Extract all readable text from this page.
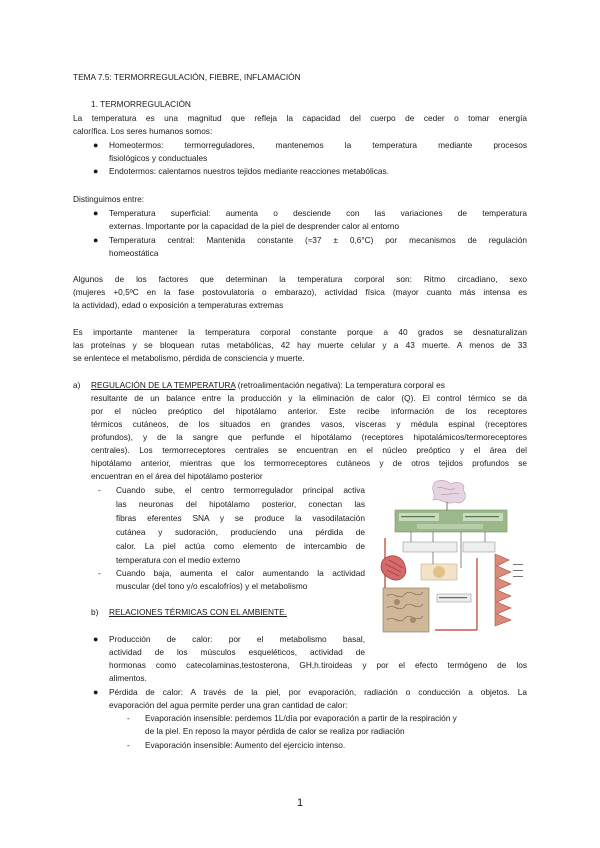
TEMA 7.5: TERMORREGULACIÓN, FIEBRE, INFLAMACIÓN
1. TERMORREGULACIÓN
La temperatura es una magnitud que refleja la capacidad del cuerpo de ceder o tomar energía
calorífica. Los seres humanos somos:
● Homeotermos: termorreguladores, mantenemos la temperatura mediante procesos
fisiológicos y conductuales
● Endotermos: calentamos nuestros tejidos mediante reacciones metabólicas.
Distinguimos entre:
● Temperatura superficial: aumenta o desciende con las variaciones de temperatura
externas. Importante por la capacidad de la piel de desprender calor al entorno
● Temperatura central: Mantenida constante (≈37 ± 0,6°C) por mecanismos de regulación
homeostática
Algunos de los factores que determinan la temperatura corporal son: Ritmo circadiano, sexo
(mujeres +0,5ºC en la fase postovulatoria o embarazo), actividad física (mayor cuanto más intensa es
la actividad), edad o exposición a temperaturas extremas
Es importante mantener la temperatura corporal constante porque a 40 grados se desnaturalizan
las proteínas y se bloquean rutas metabólicas, 42 hay muerte celular y a 43 muerte. A menos de 33
se enlentece el metabolismo, pérdida de consciencia y muerte.
a) REGULACIÓN DE LA TEMPERATURA (retroalimentación negativa): La temperatura corporal es
resultante de un balance entre la producción y la eliminación de calor (Q). El control térmico se da
por el núcleo preóptico del hipotálamo anterior. Este recibe información de los receptores
térmicos cutáneos, de los situados en grandes vasos, vísceras y médula espinal (receptores
profundos), y de la sangre que perfunde el hipotálamo (receptores hipotalámicos/termoreceptores
centrales). Los termorreceptores centrales se encuentran en el núcleo preóptico y el área del
hipotálamo anterior, mientras que los termorreceptores cutáneos y de otros tejidos profundos se
encuentran en el área del hipotálamo posterior
- Cuando sube, el centro termorregulador principal activa
las neuronas del hipotálamo posterior, conectan las
fibras eferentes SNA y se produce la vasodilatación
cutánea y sudoración, produciendo una pérdida de
calor. La piel actúa como elemento de intercambio de
temperatura con el medio externo
- Cuando baja, aumenta el calor aumentando la actividad
muscular (del tono y/o escalofríos) y el metabolismo
b) RELACIONES TÉRMICAS CON EL AMBIENTE.
● Producción de calor: por el metabolismo basal,
actividad de los músculos esqueléticos, actividad de
hormonas como catecolaminas,testosterona, GH,h.tiroideas y por el efecto termógeno de los
alimentos.
● Pérdida de calor: A través de la piel, por evaporación, radiación o conducción a objetos. La
evaporación del agua permite perder una gran cantidad de calor:
- Evaporación insensible: perdemos 1L/día por evaporación a partir de la respiración y
de la piel. En reposo la mayor pérdida de calor se realiza por radiación
- Evaporación insensible: Aumento del ejercicio intenso.
1
